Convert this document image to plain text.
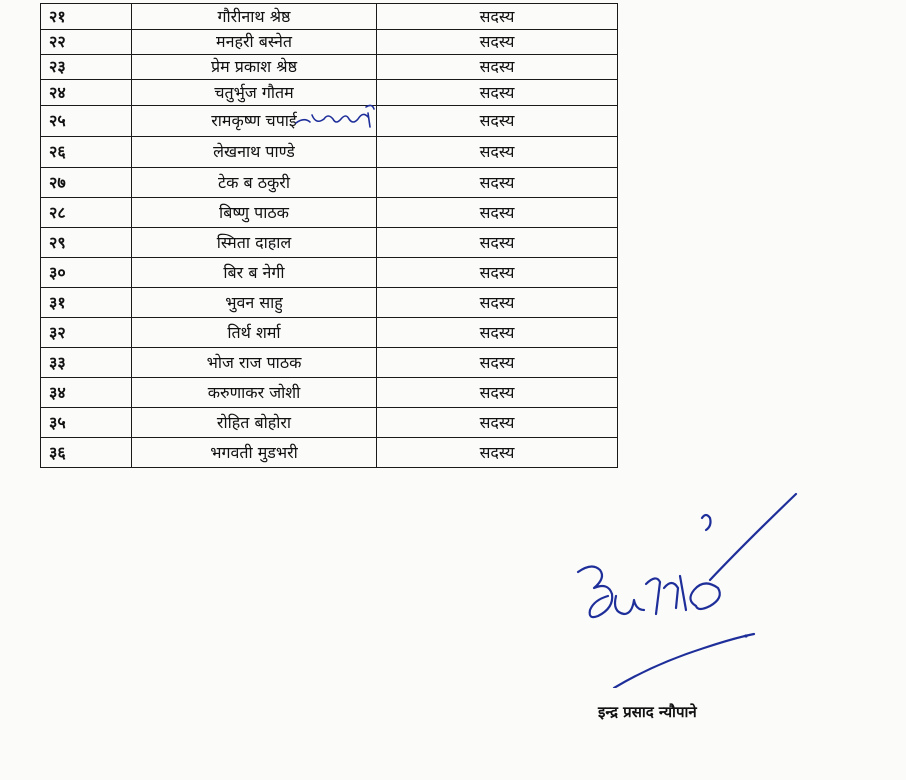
२१	गौरीनाथ श्रेष्ठ	सदस्य
२२	मनहरी बस्नेत	सदस्य
२३	प्रेम प्रकाश श्रेष्ठ	सदस्य
२४	चतुर्भुज गौतम	सदस्य
२५	रामकृष्ण चपाई	सदस्य
२६	लेखनाथ पाण्डे	सदस्य
२७	टेक ब ठकुरी	सदस्य
२८	बिष्णु पाठक	सदस्य
२९	स्मिता दाहाल	सदस्य
३०	बिर ब नेगी	सदस्य
३१	भुवन साहु	सदस्य
३२	तिर्थ शर्मा	सदस्य
३३	भोज राज पाठक	सदस्य
३४	करुणाकर जोशी	सदस्य
३५	रोहित बोहोरा	सदस्य
३६	भगवती मुडभरी	सदस्य
इन्द्र प्रसाद न्यौपाने
